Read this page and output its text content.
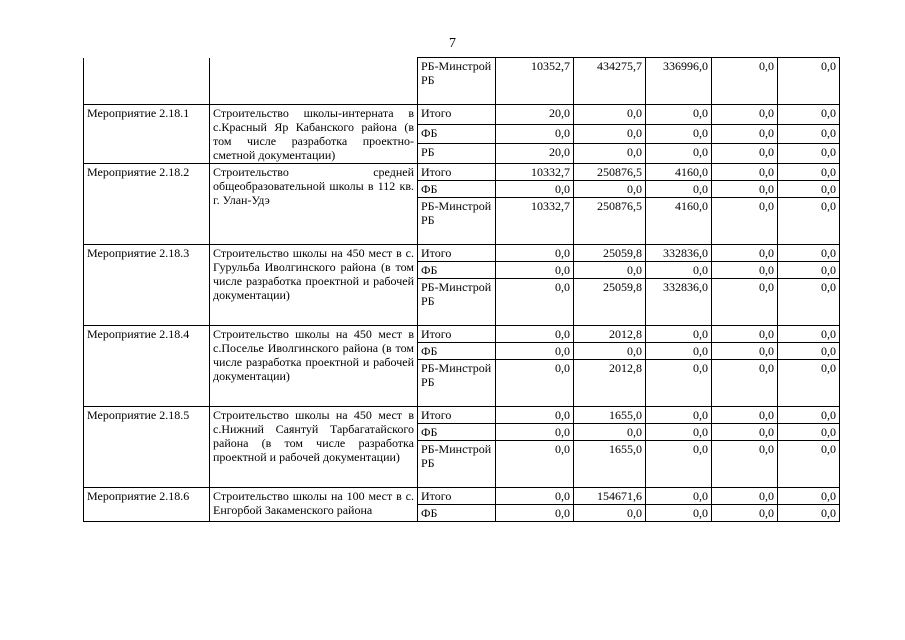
7
		РБ-Минстрой РБ	10352,7	434275,7	336996,0	0,0	0,0
Мероприятие 2.18.1	Строительство школы-интерната в с.Красный Яр Кабанского района (в том числе разработка проектно-сметной документации)	Итого	20,0	0,0	0,0	0,0	0,0
		ФБ	0,0	0,0	0,0	0,0	0,0
		РБ	20,0	0,0	0,0	0,0	0,0
Мероприятие 2.18.2	Строительство средней общеобразовательной школы в 112 кв. г. Улан-Удэ	Итого	10332,7	250876,5	4160,0	0,0	0,0
		ФБ	0,0	0,0	0,0	0,0	0,0
		РБ-Минстрой РБ	10332,7	250876,5	4160,0	0,0	0,0
Мероприятие 2.18.3	Строительство школы на 450 мест в с. Гурульба Иволгинского района (в том числе разработка проектной и рабочей документации)	Итого	0,0	25059,8	332836,0	0,0	0,0
		ФБ	0,0	0,0	0,0	0,0	0,0
		РБ-Минстрой РБ	0,0	25059,8	332836,0	0,0	0,0
Мероприятие 2.18.4	Строительство школы на 450 мест в с.Поселье Иволгинского района (в том числе разработка проектной и рабочей документации)	Итого	0,0	2012,8	0,0	0,0	0,0
		ФБ	0,0	0,0	0,0	0,0	0,0
		РБ-Минстрой РБ	0,0	2012,8	0,0	0,0	0,0
Мероприятие 2.18.5	Строительство школы на 450 мест в с.Нижний Саянтуй Тарбагатайского района (в том числе разработка проектной и рабочей документации)	Итого	0,0	1655,0	0,0	0,0	0,0
		ФБ	0,0	0,0	0,0	0,0	0,0
		РБ-Минстрой РБ	0,0	1655,0	0,0	0,0	0,0
Мероприятие 2.18.6	Строительство школы на 100 мест в с. Енгорбой Закаменского района	Итого	0,0	154671,6	0,0	0,0	0,0
		ФБ	0,0	0,0	0,0	0,0	0,0
